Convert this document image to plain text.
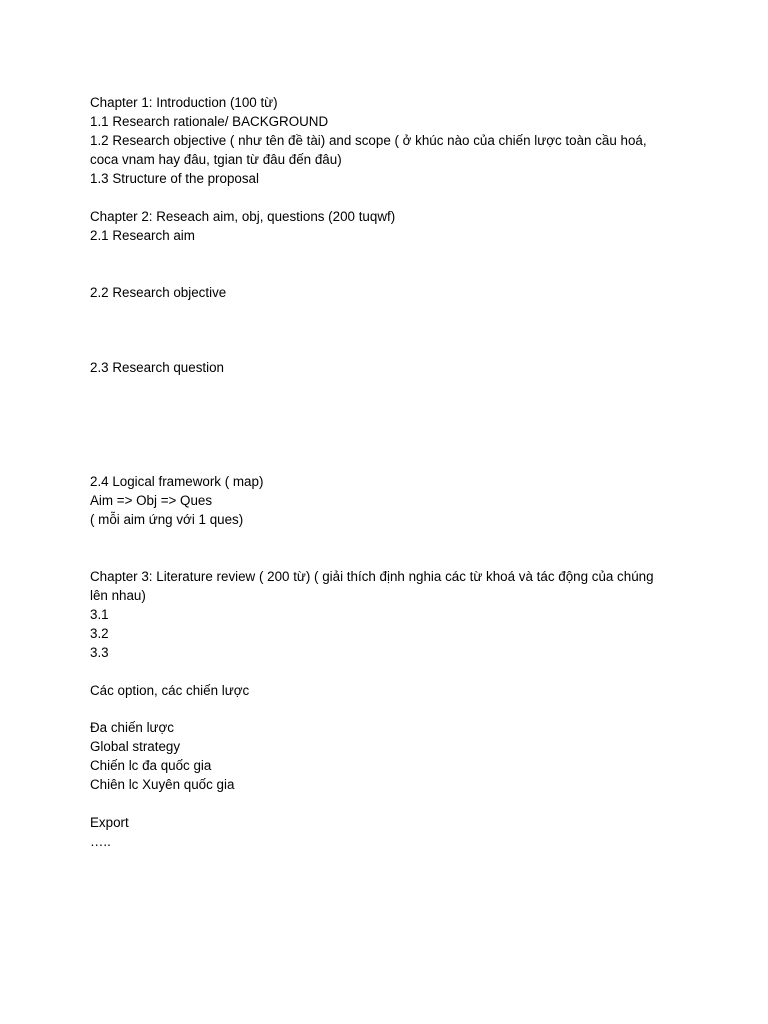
Chapter 1: Introduction (100 từ)
1.1 Research rationale/ BACKGROUND
1.2 Research objective ( như tên đề tài) and scope ( ở khúc nào của chiến lược toàn cầu hoá,
coca vnam hay đâu, tgian từ đâu đến đâu)
1.3 Structure of the proposal
Chapter 2: Reseach aim, obj, questions (200 tuqwf)
2.1 Research aim
2.2 Research objective
2.3 Research question
2.4 Logical framework ( map)
Aim => Obj => Ques
( mỗi aim ứng với 1 ques)
Chapter 3: Literature review ( 200 từ) ( giải thích định nghia các từ khoá và tác động của chúng
lên nhau)
3.1
3.2
3.3
Các option, các chiến lược
Đa chiến lược
Global strategy
Chiến lc đa quốc gia
Chiên lc Xuyên quốc gia
Export
…..
